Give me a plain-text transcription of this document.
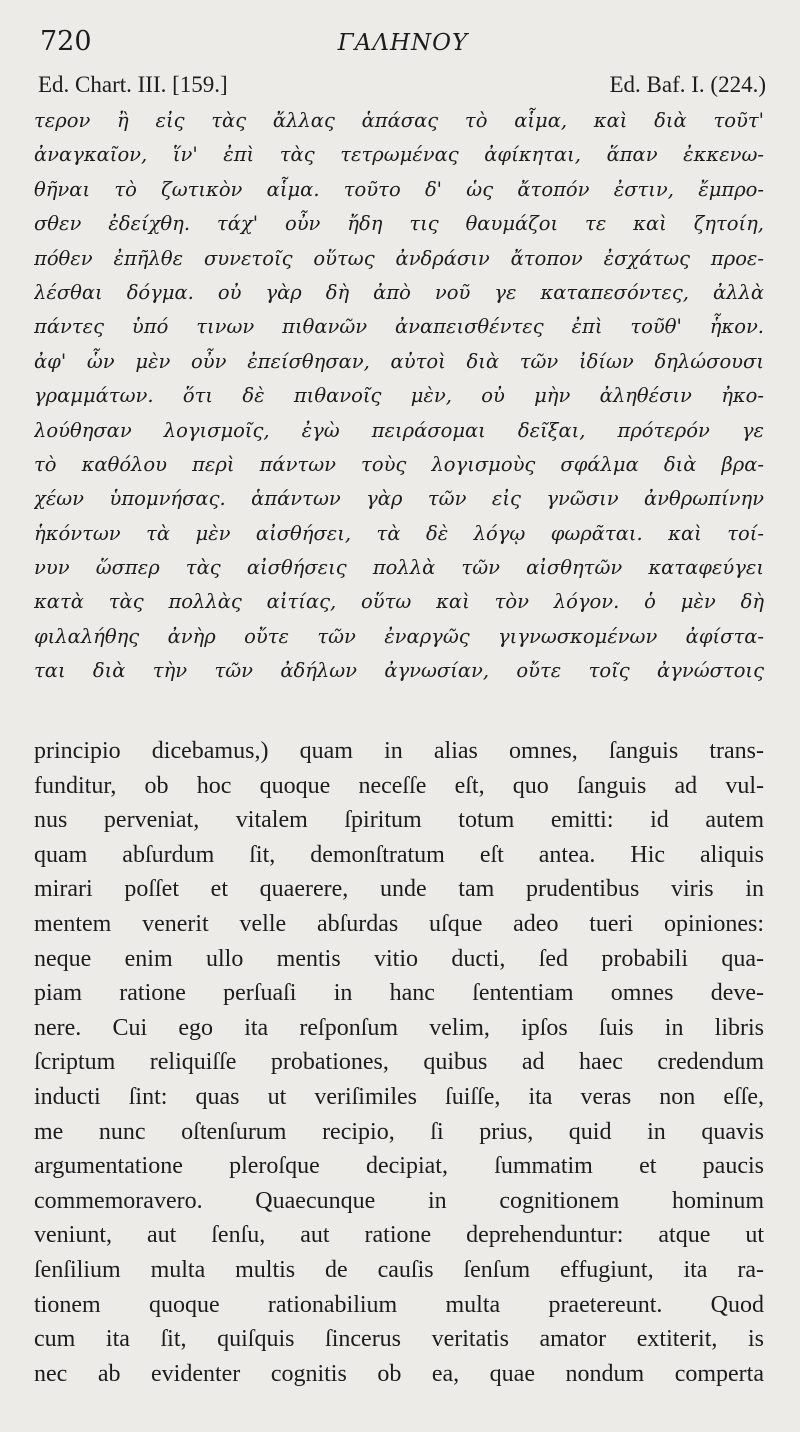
720	ΓΑΛΗΝΟΥ
Ed. Chart. III. [159.]	Ed. Baf. I. (224.)
τερον ἢ εἰς τὰς ἄλλας ἁπάσας τὸ αἷμα, καὶ διὰ τοῦτ'
ἀναγκαῖον, ἵν' ἐπὶ τὰς τετρωμένας ἀφίκηται, ἅπαν ἐκκενω-
θῆναι τὸ ζωτικὸν αἷμα. τοῦτο δ' ὡς ἄτοπόν ἐστιν, ἔμπρο-
σθεν ἐδείχθη. τάχ' οὖν ἤδη τις θαυμάζοι τε καὶ ζητοίη,
πόθεν ἐπῆλθε συνετοῖς οὕτως ἀνδράσιν ἄτοπον ἐσχάτως προε-
λέσθαι δόγμα. οὐ γὰρ δὴ ἀπὸ νοῦ γε καταπεσόντες, ἀλλὰ
πάντες ὑπό τινων πιθανῶν ἀναπεισθέντες ἐπὶ τοῦθ' ἧκον.
ἀφ' ὧν μὲν οὖν ἐπείσθησαν, αὐτοὶ διὰ τῶν ἰδίων δηλώσουσι
γραμμάτων. ὅτι δὲ πιθανοῖς μὲν, οὐ μὴν ἀληθέσιν ἠκο-
λούθησαν λογισμοῖς, ἐγὼ πειράσομαι δεῖξαι, πρότερόν γε
τὸ καθόλου περὶ πάντων τοὺς λογισμοὺς σφάλμα διὰ βρα-
χέων ὑπομνήσας. ἁπάντων γὰρ τῶν εἰς γνῶσιν ἀνθρωπίνην
ἡκόντων τὰ μὲν αἰσθήσει, τὰ δὲ λόγῳ φωρᾶται. καὶ τοί-
νυν ὥσπερ τὰς αἰσθήσεις πολλὰ τῶν αἰσθητῶν καταφεύγει
κατὰ τὰς πολλὰς αἰτίας, οὕτω καὶ τὸν λόγον. ὁ μὲν δὴ
φιλαλήθης ἀνὴρ οὔτε τῶν ἐναργῶς γιγνωσκομένων ἀφίστα-
ται διὰ τὴν τῶν ἀδήλων ἀγνωσίαν, οὔτε τοῖς ἀγνώστοις
principio dicebamus,) quam in alias omnes, ſanguis trans-
funditur, ob hoc quoque neceſſe eſt, quo ſanguis ad vul-
nus perveniat, vitalem ſpiritum totum emitti: id autem
quam abſurdum ſit, demonſtratum eſt antea. Hic aliquis
mirari poſſet et quaerere, unde tam prudentibus viris in
mentem venerit velle abſurdas uſque adeo tueri opiniones:
neque enim ullo mentis vitio ducti, ſed probabili qua-
piam ratione perſuaſi in hanc ſententiam omnes deve-
nere. Cui ego ita reſponſum velim, ipſos ſuis in libris
ſcriptum reliquiſſe probationes, quibus ad haec credendum
inducti ſint: quas ut veriſimiles ſuiſſe, ita veras non eſſe,
me nunc oſtenſurum recipio, ſi prius, quid in quavis
argumentatione pleroſque decipiat, ſummatim et paucis
commemoravero. Quaecunque in cognitionem hominum
veniunt, aut ſenſu, aut ratione deprehenduntur: atque ut
ſenſilium multa multis de cauſis ſenſum effugiunt, ita ra-
tionem quoque rationabilium multa praetereunt. Quod
cum ita ſit, quiſquis ſincerus veritatis amator extiterit, is
nec ab evidenter cognitis ob ea, quae nondum comperta
